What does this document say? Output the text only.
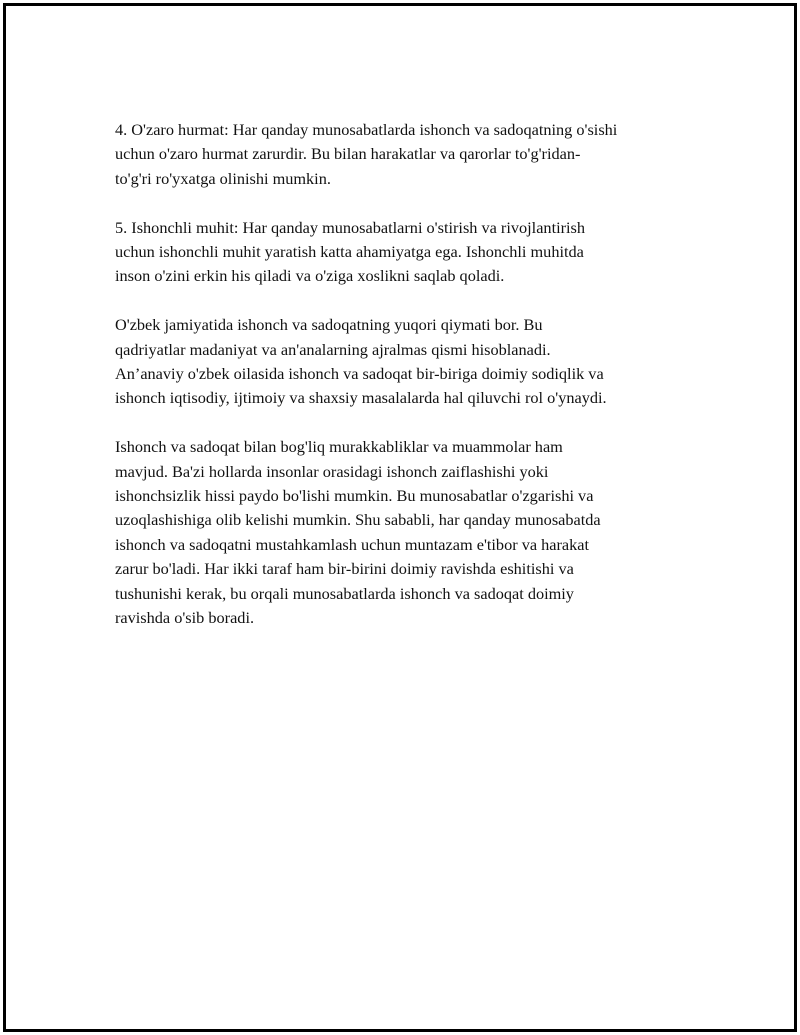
4. O'zaro hurmat: Har qanday munosabatlarda ishonch va sadoqatning o'sishi
uchun o'zaro hurmat zarurdir. Bu bilan harakatlar va qarorlar to'g'ridan-
to'g'ri ro'yxatga olinishi mumkin.

5. Ishonchli muhit: Har qanday munosabatlarni o'stirish va rivojlantirish
uchun ishonchli muhit yaratish katta ahamiyatga ega. Ishonchli muhitda
inson o'zini erkin his qiladi va o'ziga xoslikni saqlab qoladi.

O'zbek jamiyatida ishonch va sadoqatning yuqori qiymati bor. Bu
qadriyatlar madaniyat va an'analarning ajralmas qismi hisoblanadi.
An’anaviy o'zbek oilasida ishonch va sadoqat bir-biriga doimiy sodiqlik va
ishonch iqtisodiy, ijtimoiy va shaxsiy masalalarda hal qiluvchi rol o'ynaydi.

Ishonch va sadoqat bilan bog'liq murakkabliklar va muammolar ham
mavjud. Ba'zi hollarda insonlar orasidagi ishonch zaiflashishi yoki
ishonchsizlik hissi paydo bo'lishi mumkin. Bu munosabatlar o'zgarishi va
uzoqlashishiga olib kelishi mumkin. Shu sababli, har qanday munosabatda
ishonch va sadoqatni mustahkamlash uchun muntazam e'tibor va harakat
zarur bo'ladi. Har ikki taraf ham bir-birini doimiy ravishda eshitishi va
tushunishi kerak, bu orqali munosabatlarda ishonch va sadoqat doimiy
ravishda o'sib boradi.
